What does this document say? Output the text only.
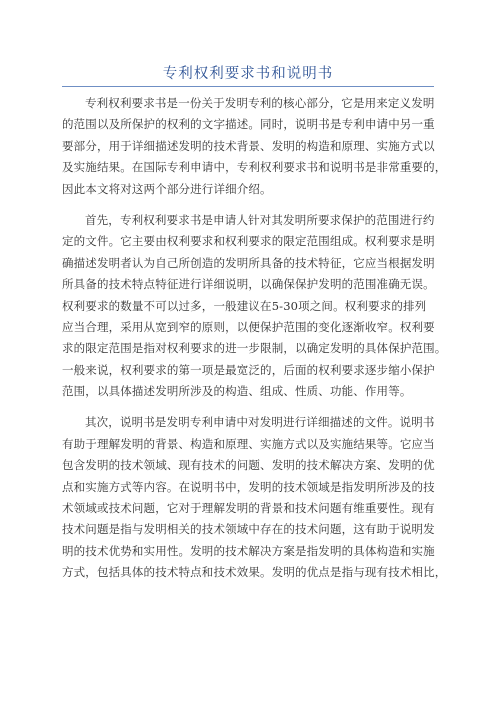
专利权利要求书和说明书
专利权利要求书是一份关于发明专利的核心部分，它是用来定义发明
的范围以及所保护的权利的文字描述。同时，说明书是专利申请中另一重
要部分，用于详细描述发明的技术背景、发明的构造和原理、实施方式以
及实施结果。在国际专利申请中，专利权利要求书和说明书是非常重要的，
因此本文将对这两个部分进行详细介绍。
首先，专利权利要求书是申请人针对其发明所要求保护的范围进行约
定的文件。它主要由权利要求和权利要求的限定范围组成。权利要求是明
确描述发明者认为自己所创造的发明所具备的技术特征，它应当根据发明
所具备的技术特点特征进行详细说明，以确保保护发明的范围准确无误。
权利要求的数量不可以过多，一般建议在5-30项之间。权利要求的排列
应当合理，采用从宽到窄的原则，以便保护范围的变化逐渐收窄。权利要
求的限定范围是指对权利要求的进一步限制，以确定发明的具体保护范围。
一般来说，权利要求的第一项是最宽泛的，后面的权利要求逐步缩小保护
范围，以具体描述发明所涉及的构造、组成、性质、功能、作用等。
其次，说明书是发明专利申请中对发明进行详细描述的文件。说明书
有助于理解发明的背景、构造和原理、实施方式以及实施结果等。它应当
包含发明的技术领域、现有技术的问题、发明的技术解决方案、发明的优
点和实施方式等内容。在说明书中，发明的技术领域是指发明所涉及的技
术领域或技术问题，它对于理解发明的背景和技术问题有维重要性。现有
技术问题是指与发明相关的技术领域中存在的技术问题，这有助于说明发
明的技术优势和实用性。发明的技术解决方案是指发明的具体构造和实施
方式，包括具体的技术特点和技术效果。发明的优点是指与现有技术相比，
